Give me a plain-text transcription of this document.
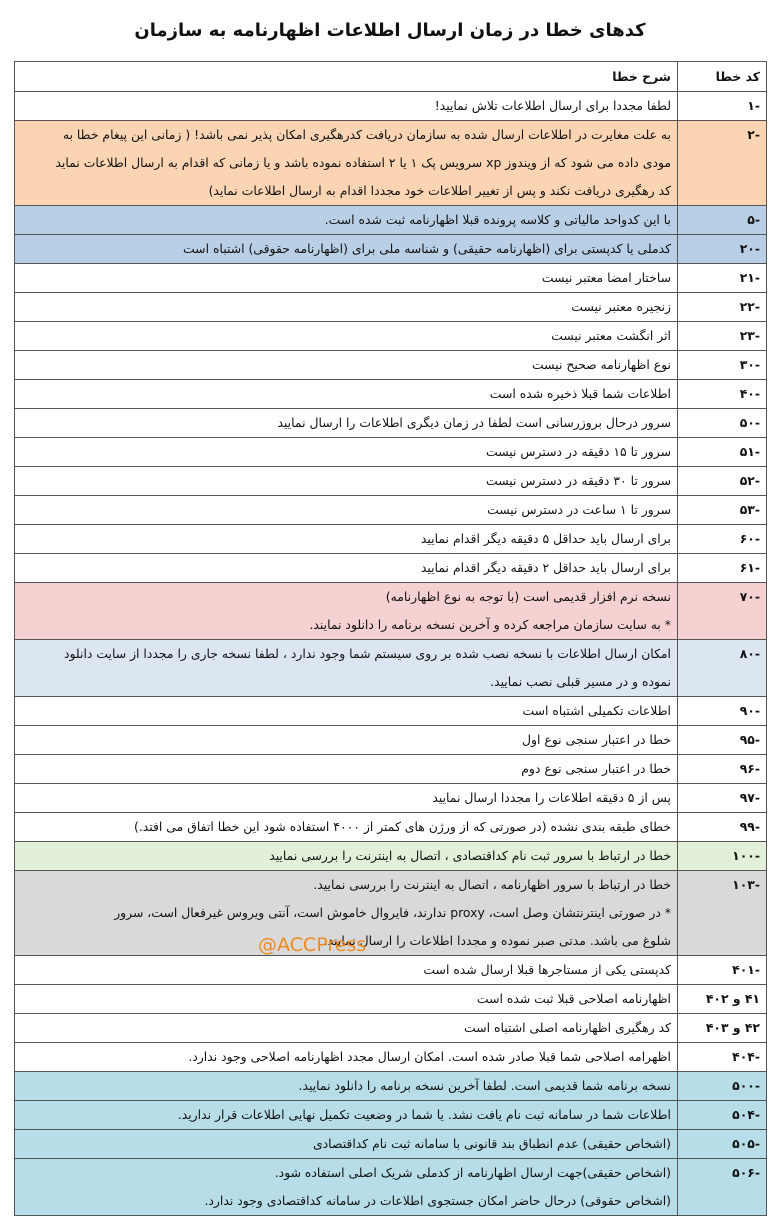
کدهای خطا در زمان ارسال اطلاعات اظهارنامه به سازمان
کد خطا	شرح خطا
-۱	لطفا مجددا برای ارسال اطلاعات تلاش نمایید!

-۲	به علت مغایرت در اطلاعات ارسال شده به سازمان دریافت کدرهگیری امکان پذیر نمی باشد! ( زمانی این پیغام خطا به
مودی داده می شود که از ویندوز xp سرویس پک ۱ یا ۲ استفاده نموده باشد و یا زمانی که اقدام به ارسال اطلاعات نماید
کد رهگیری دریافت نکند و پس از تغییر اطلاعات خود مجددا اقدام به ارسال اطلاعات نماید)

-۵	با این کدواحد مالیاتی و کلاسه پرونده قبلا اظهارنامه ثبت شده است.

-۲۰	کدملی یا کدپستی برای (اظهارنامه حقیقی) و شناسه ملی برای (اظهارنامه حقوقی) اشتباه است

-۲۱	ساختار امضا معتبر نیست

-۲۲	زنجیره معتبر نیست

-۲۳	اثر انگشت معتبر نیست

-۳۰	نوع اظهارنامه صحیح نیست

-۴۰	اطلاعات شما قبلا ذخیره شده است

-۵۰	سرور درحال بروزرسانی است لطفا در زمان دیگری اطلاعات را ارسال نمایید

-۵۱	سرور تا ۱۵ دقیقه در دسترس نیست

-۵۲	سرور تا ۳۰ دقیقه در دسترس نیست

-۵۳	سرور تا ۱ ساعت در دسترس نیست

-۶۰	برای ارسال باید حداقل ۵ دقیقه دیگر اقدام نمایید

-۶۱	برای ارسال باید حداقل ۲ دقیقه دیگر اقدام نمایید

-۷۰	نسخه نرم افزار قدیمی است (با توجه به نوع اظهارنامه)
* به سایت سازمان مراجعه کرده و آخرین نسخه برنامه را دانلود نمایند.

-۸۰	امکان ارسال اطلاعات با نسخه نصب شده بر روی سیستم شما وجود ندارد ، لطفا نسخه جاری را مجددا از سایت دانلود
نموده و در مسیر قبلی نصب نمایید.

-۹۰	اطلاعات تکمیلی اشتباه است

-۹۵	خطا در اعتبار سنجی نوع اول

-۹۶	خطا در اعتبار سنجی نوع دوم

-۹۷	پس از ۵ دقیقه اطلاعات را مجددا ارسال نمایید

-۹۹	خطای طبقه بندی نشده (در صورتی که از ورژن های کمتر از ۴۰۰۰ استفاده شود این خطا اتفاق می افتد.)

-۱۰۰	خطا در ارتباط با سرور ثبت نام کداقتصادی ، اتصال به اینترنت را بررسی نمایید

-۱۰۳	خطا در ارتباط با سرور اظهارنامه ، اتصال به اینترنت را بررسی نمایید.
* در صورتی اینترنتشان وصل است، proxy ندارند، فایروال خاموش است، آنتی ویروس غیرفعال است، سرور
شلوغ می باشد. مدتی صبر نموده و مجددا اطلاعات را ارسال نمایند.

-۴۰۱	کدپستی یکی از مستاجرها قبلا ارسال شده است

۴۱ و ۴۰۲	اظهارنامه اصلاحی قبلا ثبت شده است

۴۲ و ۴۰۳	کد رهگیری اظهارنامه اصلی اشتباه است

-۴۰۴	اظهرامه اصلاحی شما قبلا صادر شده است. امکان ارسال مجدد اظهارنامه اصلاحی وجود ندارد.

-۵۰۰	نسخه برنامه شما قدیمی است. لطفا آخرین نسخه برنامه را دانلود نمایید.

-۵۰۴	اطلاعات شما در سامانه ثبت نام یافت نشد. یا شما در وضعیت تکمیل نهایی اطلاعات قرار ندارید.

-۵۰۵	(اشخاص حقیقی) عدم انطباق بند قانونی با سامانه ثبت نام کداقتصادی

-۵۰۶	(اشخاص حقیقی)جهت ارسال اظهارنامه از کدملی شریک اصلی استفاده شود.
(اشخاص حقوقی) درحال حاضر امکان جستجوی اطلاعات در سامانه کداقتصادی وجود ندارد.
@ACCPress
